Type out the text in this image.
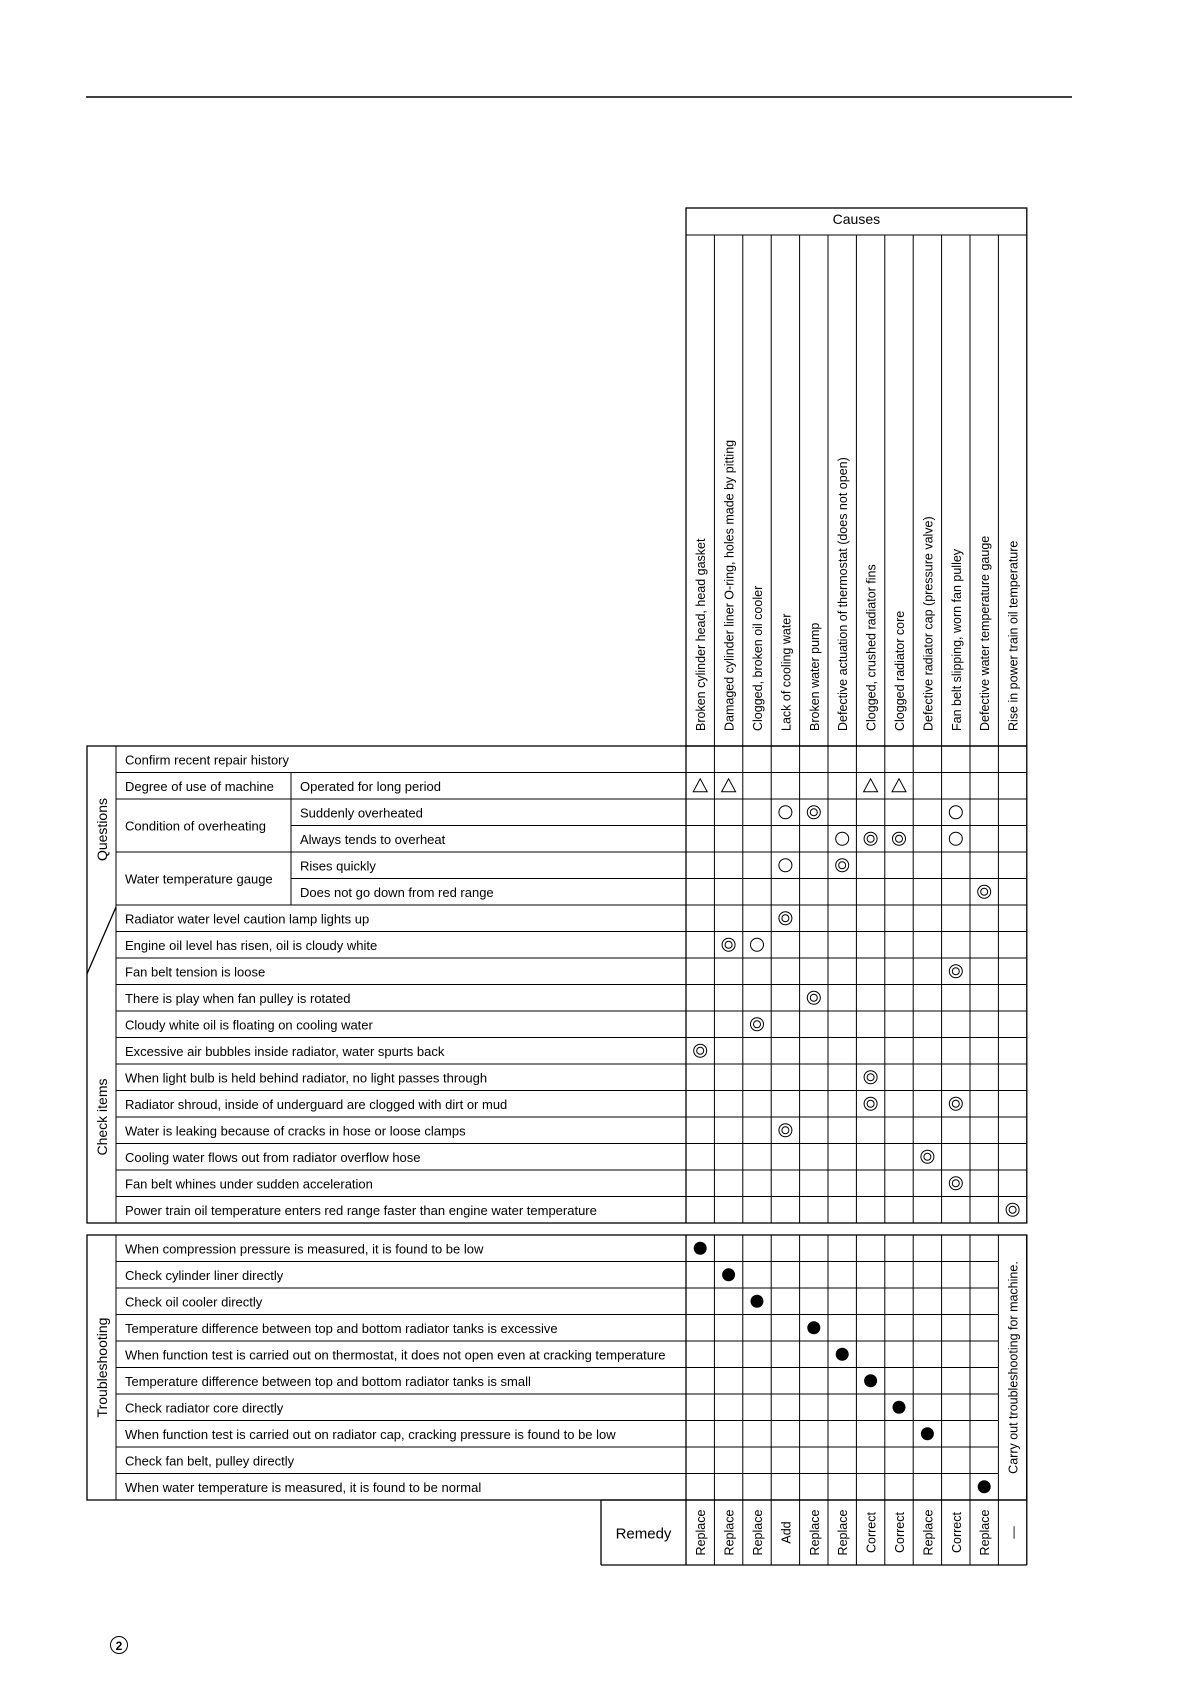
Causes
Broken cylinder head, head gasket Damaged cylinder liner O-ring, holes made by pitting Clogged, broken oil cooler Lack of cooling water Broken water pump Defective actuation of thermostat (does not open) Clogged, crushed radiator fins Clogged radiator core Defective radiator cap (pressure valve) Fan belt slipping, worn fan pulley Defective water temperature gauge Rise in power train oil temperature
Questions
Check items
Degree of use of machine
Condition of overheating
Water temperature gauge
Confirm recent repair history
Operated for long period
Suddenly overheated
Always tends to overheat
Rises quickly
Does not go down from red range
Radiator water level caution lamp lights up
Engine oil level has risen, oil is cloudy white
Fan belt tension is loose
There is play when fan pulley is rotated
Cloudy white oil is floating on cooling water
Excessive air bubbles inside radiator, water spurts back
When light bulb is held behind radiator, no light passes through
Radiator shroud, inside of underguard are clogged with dirt or mud
Water is leaking because of cracks in hose or loose clamps
Cooling water flows out from radiator overflow hose
Fan belt whines under sudden acceleration
Power train oil temperature enters red range faster than engine water temperature
Troubleshooting
When compression pressure is measured, it is found to be low
Check cylinder liner directly
Check oil cooler directly
Temperature difference between top and bottom radiator tanks is excessive
When function test is carried out on thermostat, it does not open even at cracking temperature
Temperature difference between top and bottom radiator tanks is small
Check radiator core directly
When function test is carried out on radiator cap, cracking pressure is found to be low
Check fan belt, pulley directly
When water temperature is measured, it is found to be normal
Carry out troubleshooting for machine.
Remedy Replace Replace Replace Add Replace Replace Correct Correct Replace Correct Replace —
2
